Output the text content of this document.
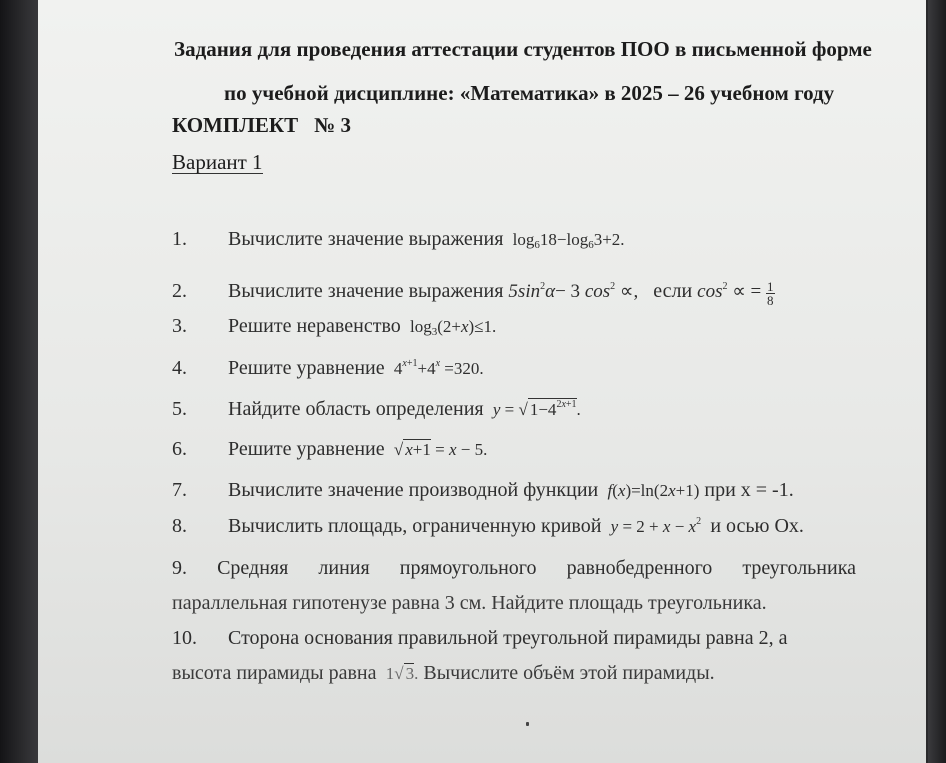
Задания для проведения аттестации студентов ПОО в письменной форме
по учебной дисциплине: «Математика» в 2025 – 26 учебном году
КОМПЛЕКТ № 3
Вариант 1
1. Вычислите значение выражения  $\log_618-\log_63+2$.
2. Вычислите значение выражения $5\sin^2\alpha- 3$ $\cos^2$ ∝, если $\cos^2$ ∝ = $\frac{1}{8}$
3. Решите неравенство  $\log_3(2+x)\le 1$.
4. Решите уравнение  $4^{x+1}+4^x =320$.
5. Найдите область определения y = √ $1-4^{2x+1}$.
6. Решите уравнение  √ x+1 = x − 5.
7. Вычислите значение производной функции f(x)=ln(2x+1) при x = -1.
8. Вычислить площадь, ограниченную кривой $y = 2 + x - x^2$ и осью Ox.
9. Средняя линия прямоугольного равнобедренного треугольника
параллельная гипотенузе равна 3 см. Найдите площадь треугольника.
10. Сторона основания правильной треугольной пирамиды равна 2, а
высота пирамиды равна  1√ 3. Вычислите объём этой пирамиды.
